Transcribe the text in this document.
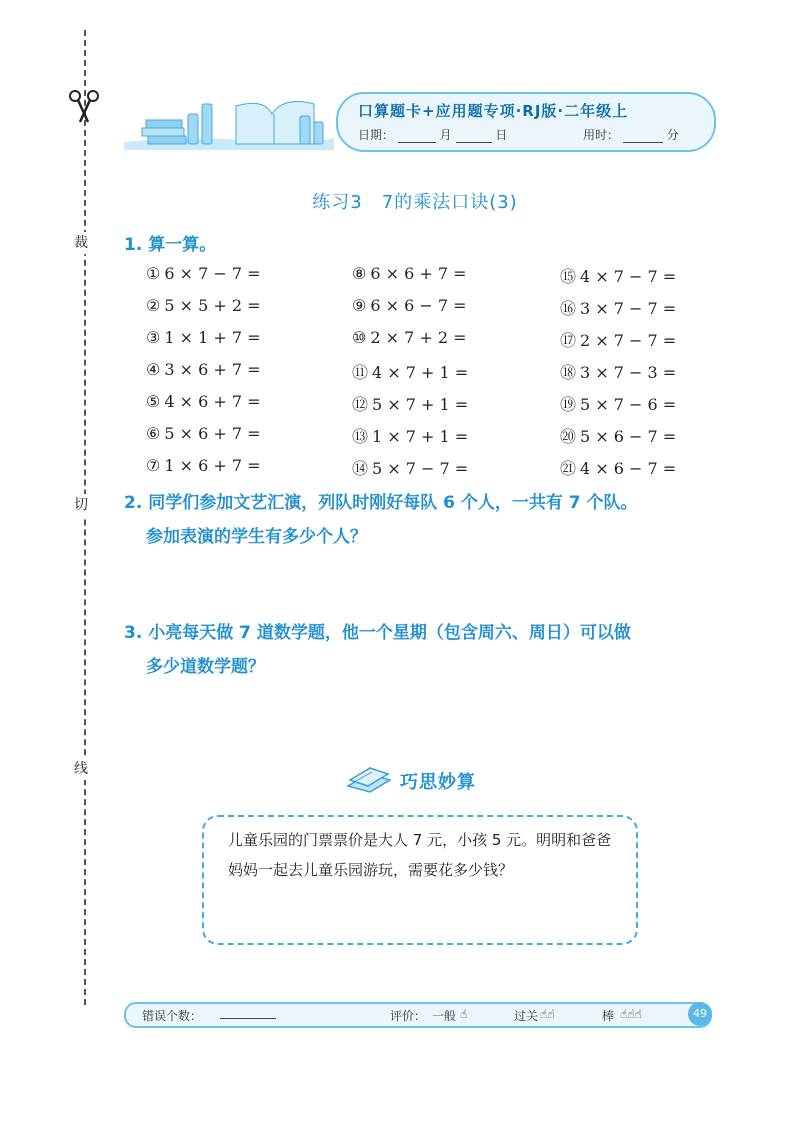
裁
切
线
口算题卡+应用题专项·RJ版·二年级上
日期：	月	日	用时：	分
练习3　7的乘法口诀(3)
1. 算一算。
① 6 × 7 − 7 =
② 5 × 5 + 2 =
③ 1 × 1 + 7 =
④ 3 × 6 + 7 =
⑤ 4 × 6 + 7 =
⑥ 5 × 6 + 7 =
⑦ 1 × 6 + 7 =
⑧ 6 × 6 + 7 =
⑨ 6 × 6 − 7 =
⑩ 2 × 7 + 2 =
⑪ 4 × 7 + 1 =
⑫ 5 × 7 + 1 =
⑬ 1 × 7 + 1 =
⑭ 5 × 7 − 7 =
⑮ 4 × 7 − 7 =
⑯ 3 × 7 − 7 =
⑰ 2 × 7 − 7 =
⑱ 3 × 7 − 3 =
⑲ 5 × 7 − 6 =
⑳ 5 × 6 − 7 =
㉑ 4 × 6 − 7 =
2. 同学们参加文艺汇演，列队时刚好每队 6 个人，一共有 7 个队。
参加表演的学生有多少个人？
3. 小亮每天做 7 道数学题，他一个星期（包含周六、周日）可以做
多少道数学题？
巧思妙算
儿童乐园的门票票价是大人 7 元，小孩 5 元。明明和爸爸妈妈一起去儿童乐园游玩，需要花多少钱？
错误个数：	评价： 一般 ☝	过关 ☝☝	棒 ☝☝☝	49
